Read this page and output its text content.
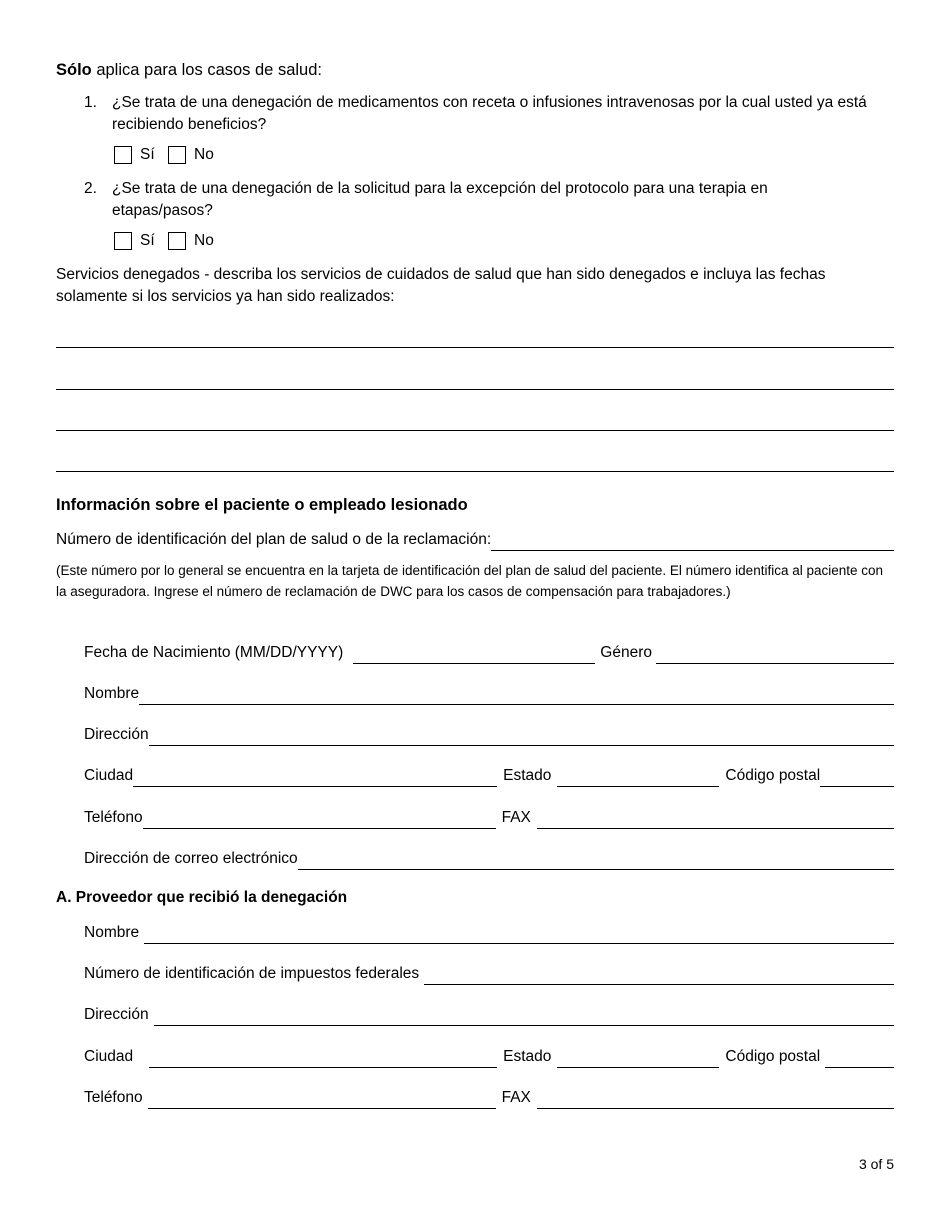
Sólo aplica para los casos de salud:
1. ¿Se trata de una denegación de medicamentos con receta o infusiones intravenosas por la cual usted ya está recibiendo beneficios?
Sí	No
2. ¿Se trata de una denegación de la solicitud para la excepción del protocolo para una terapia en etapas/pasos?
Sí	No
Servicios denegados - describa los servicios de cuidados de salud que han sido denegados e incluya las fechas solamente si los servicios ya han sido realizados:
Información sobre el paciente o empleado lesionado
Número de identificación del plan de salud o de la reclamación:
(Este número por lo general se encuentra en la tarjeta de identificación del plan de salud del paciente. El número identifica al paciente con la aseguradora. Ingrese el número de reclamación de DWC para los casos de compensación para trabajadores.)
Fecha de Nacimiento (MM/DD/YYYY)	Género
Nombre
Dirección
Ciudad	Estado	Código postal
Teléfono	FAX
Dirección de correo electrónico
A. Proveedor que recibió la denegación
Nombre
Número de identificación de impuestos federales
Dirección
Ciudad	Estado	Código postal
Teléfono	FAX
3 of 5
